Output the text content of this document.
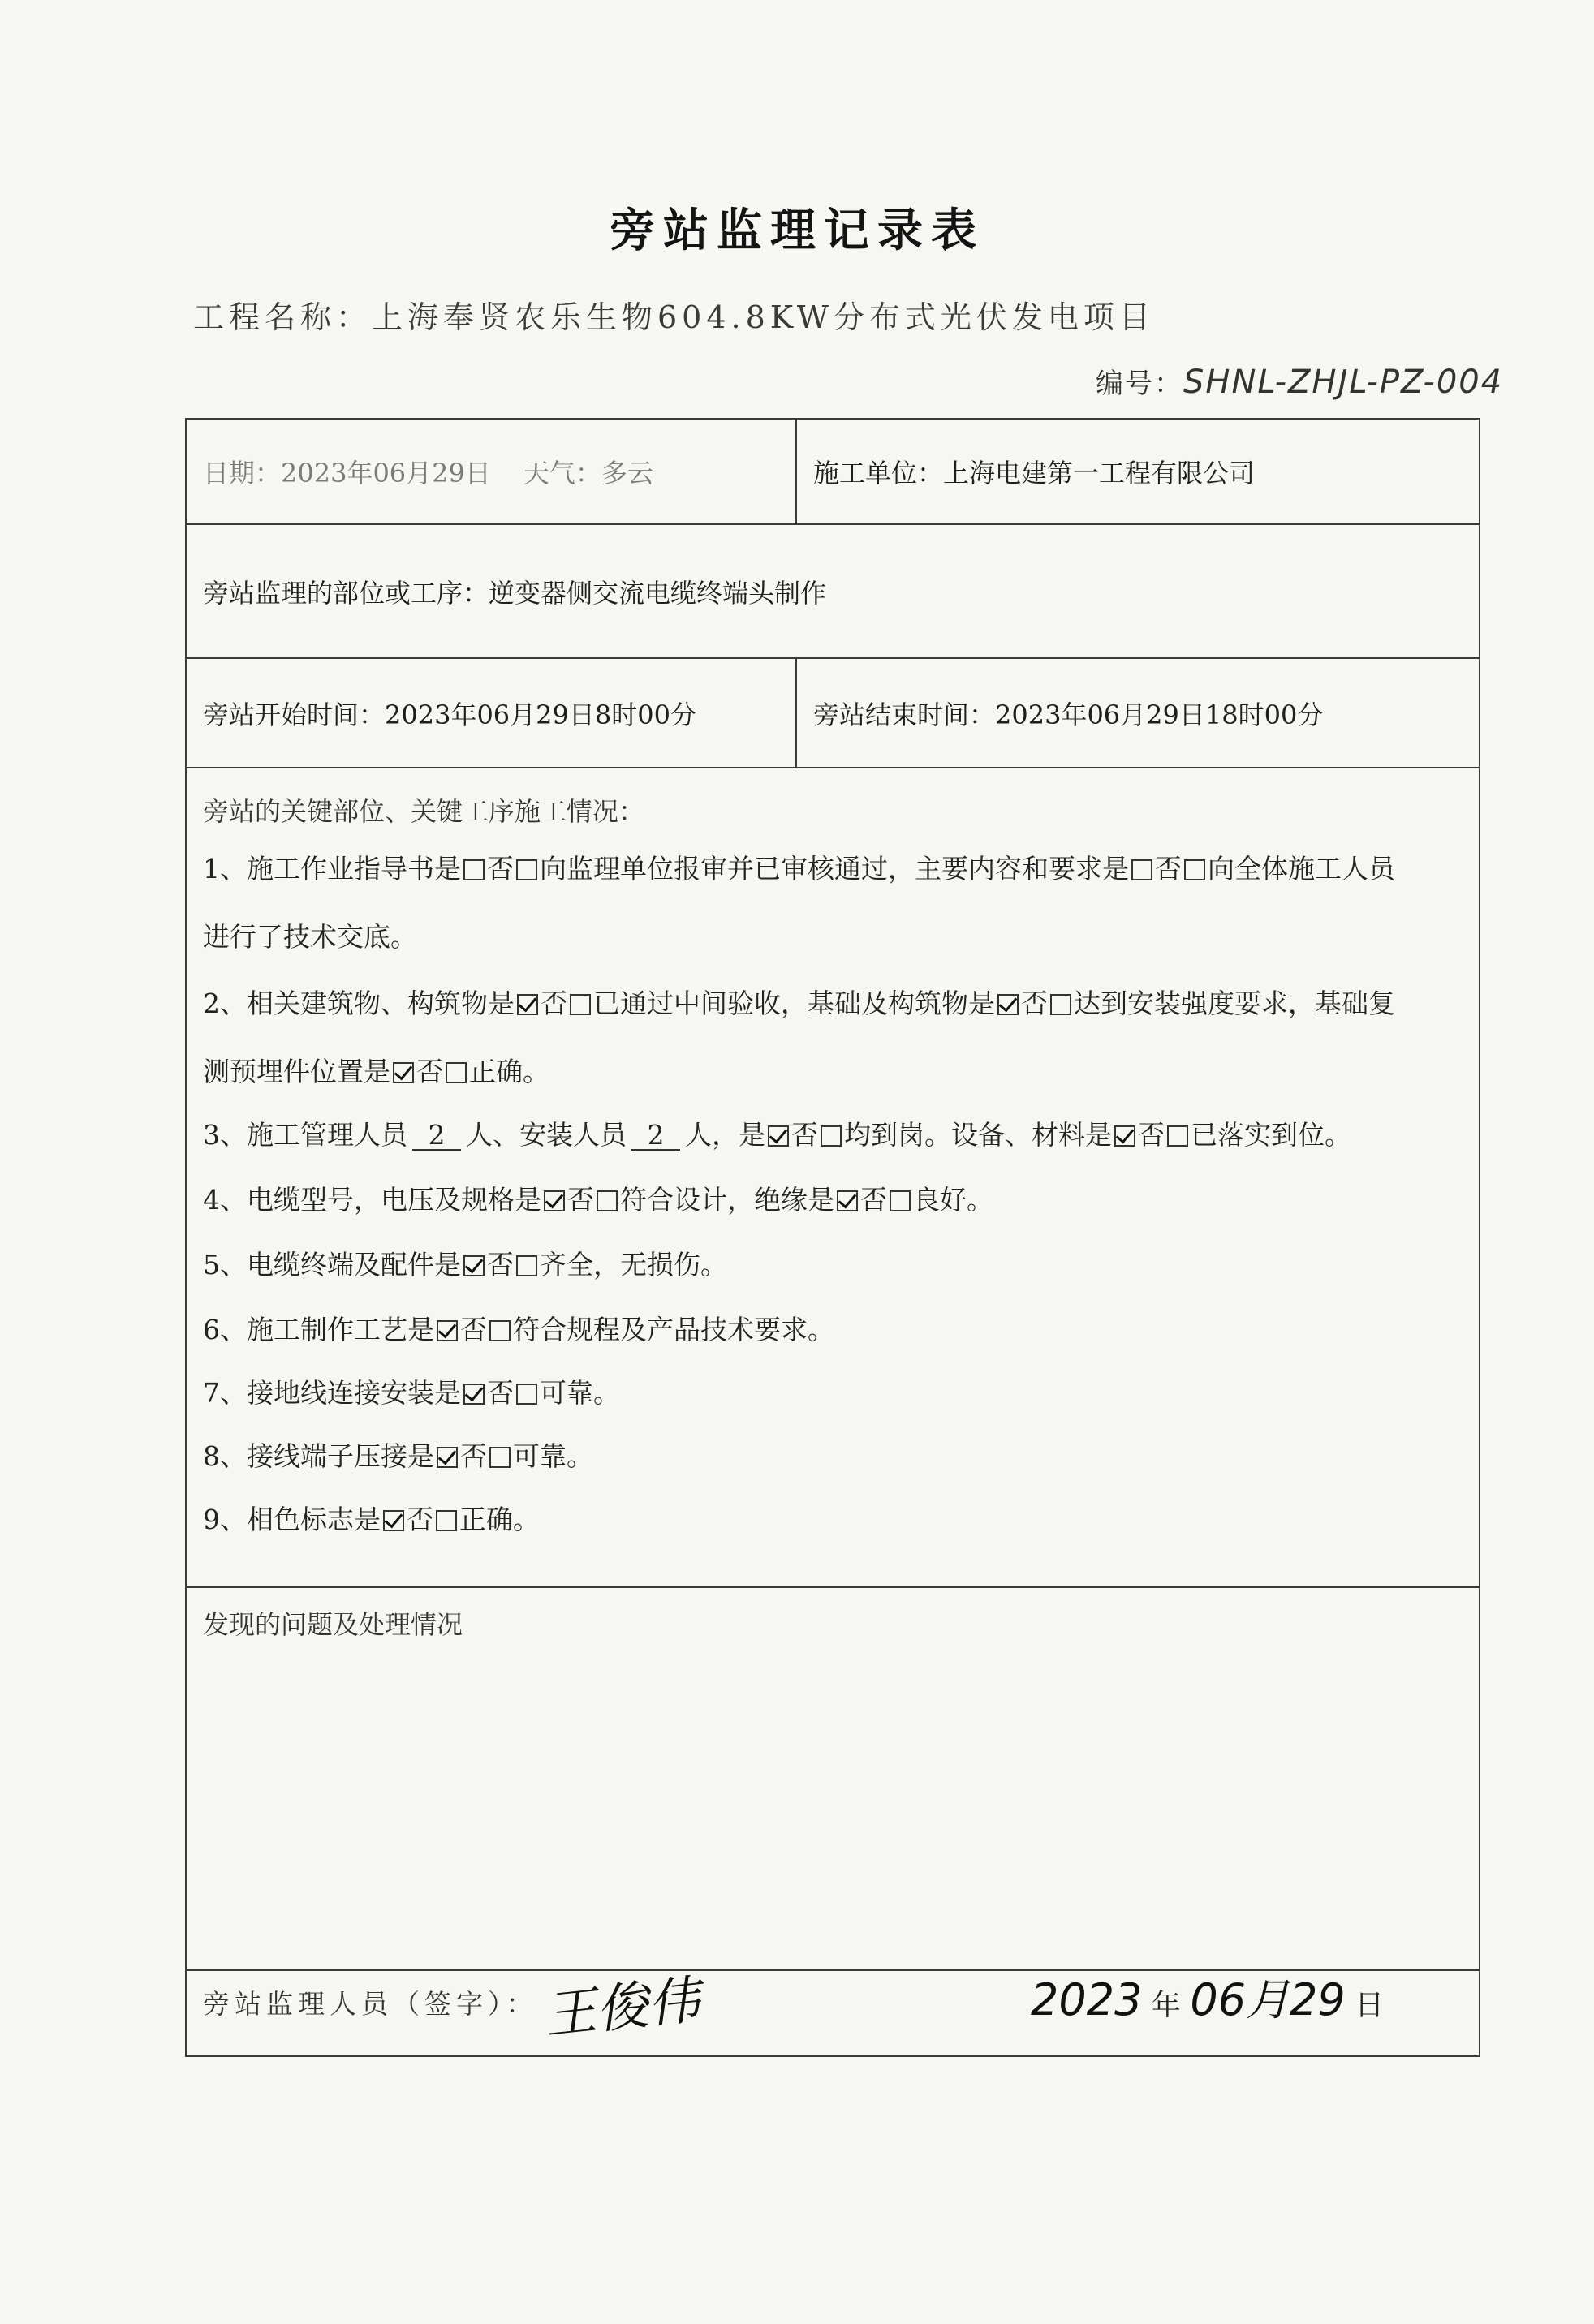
旁站监理记录表
工程名称：上海奉贤农乐生物604.8KW分布式光伏发电项目
编号：SHNL-ZHJL-PZ-004
日期：2023年06月29日 天气：多云	施工单位：上海电建第一工程有限公司
旁站监理的部位或工序：逆变器侧交流电缆终端头制作
旁站开始时间：2023年06月29日8时00分	旁站结束时间：2023年06月29日18时00分
旁站的关键部位、关键工序施工情况：
1、施工作业指导书是 否 向监理单位报审并已审核通过，主要内容和要求是 否 向全体施工人员
进行了技术交底。
2、相关建筑物、构筑物是 否 已通过中间验收，基础及构筑物是 否 达到安装强度要求，基础复
测预埋件位置是 否 正确。
3、施工管理人员 2 人、安装人员 2 人，是 否 均到岗。设备、材料是 否 已落实到位。
4、电缆型号，电压及规格是 否 符合设计，绝缘是 否 良好。
5、电缆终端及配件是 否 齐全，无损伤。
6、施工制作工艺是 否 符合规程及产品技术要求。
7、接地线连接安装是 否 可靠。
8、接线端子压接是 否 可靠。
9、相色标志是 否 正确。
发现的问题及处理情况
旁站监理人员（签字）： 王俊伟	2023 年 06月29 日
